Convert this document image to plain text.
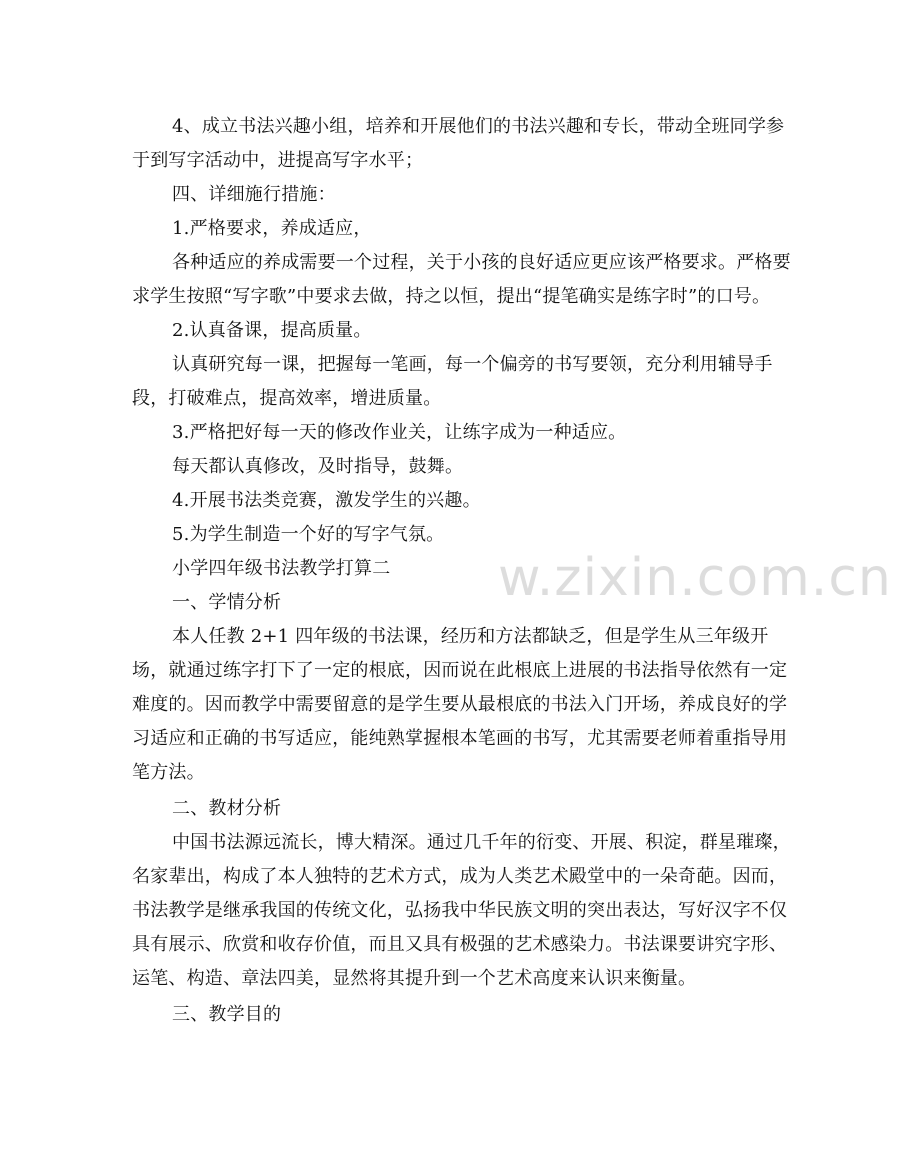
4、成立书法兴趣小组，培养和开展他们的书法兴趣和专长，带动全班同学参于到写字活动中，进提高写字水平；

四、详细施行措施：

1.严格要求，养成适应，

各种适应的养成需要一个过程，关于小孩的良好适应更应该严格要求。严格要求学生按照“写字歌”中要求去做，持之以恒，提出“提笔确实是练字时”的口号。

2.认真备课，提高质量。

认真研究每一课，把握每一笔画，每一个偏旁的书写要领，充分利用辅导手段，打破难点，提高效率，增进质量。

3.严格把好每一天的修改作业关，让练字成为一种适应。

每天都认真修改，及时指导，鼓舞。

4.开展书法类竞赛，激发学生的兴趣。

5.为学生制造一个好的写字气氛。

小学四年级书法教学打算二

一、学情分析

本人任教 2+1 四年级的书法课，经历和方法都缺乏，但是学生从三年级开场，就通过练字打下了一定的根底，因而说在此根底上进展的书法指导依然有一定难度的。因而教学中需要留意的是学生要从最根底的书法入门开场，养成良好的学习适应和正确的书写适应，能纯熟掌握根本笔画的书写，尤其需要老师着重指导用笔方法。

二、教材分析

中国书法源远流长，博大精深。通过几千年的衍变、开展、积淀，群星璀璨，名家辈出，构成了本人独特的艺术方式，成为人类艺术殿堂中的一朵奇葩。因而，书法教学是继承我国的传统文化，弘扬我中华民族文明的突出表达，写好汉字不仅具有展示、欣赏和收存价值，而且又具有极强的艺术感染力。书法课要讲究字形、运笔、构造、章法四美，显然将其提升到一个艺术高度来认识来衡量。

三、教学目的

w.zixin.com.cn
